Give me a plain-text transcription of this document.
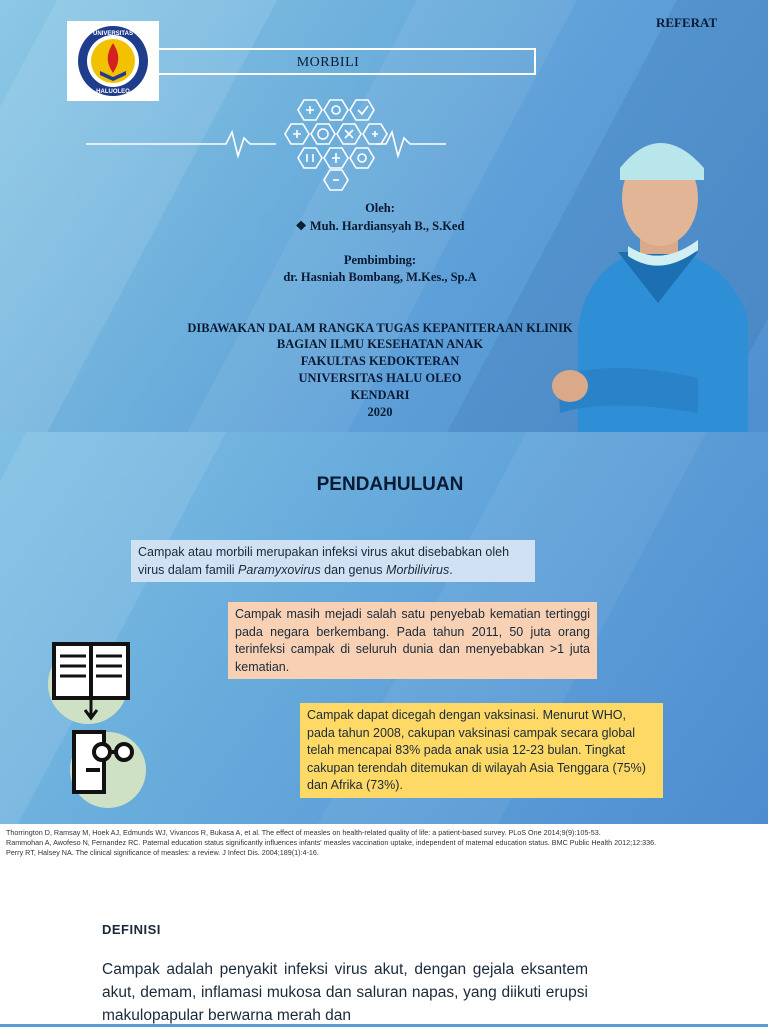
UNIVERSITAS
HALUOLEO
MORBILI
REFERAT
Oleh:
❖ Muh. Hardiansyah B., S.Ked
Pembimbing:
dr. Hasniah Bombang, M.Kes., Sp.A
DIBAWAKAN DALAM RANGKA TUGAS KEPANITERAAN KLINIK
BAGIAN ILMU KESEHATAN ANAK
FAKULTAS KEDOKTERAN
UNIVERSITAS HALU OLEO
KENDARI
2020
PENDAHULUAN
Campak atau morbili merupakan infeksi virus akut disebabkan oleh virus dalam famili Paramyxovirus dan genus Morbilivirus.
Campak masih mejadi salah satu penyebab kematian tertinggi pada negara berkembang. Pada tahun 2011, 50 juta orang terinfeksi campak di seluruh dunia dan menyebabkan >1 juta kematian.
Campak dapat dicegah dengan vaksinasi. Menurut WHO, pada tahun 2008, cakupan vaksinasi campak secara global telah mencapai 83% pada anak usia 12-23 bulan. Tingkat cakupan terendah ditemukan di wilayah Asia Tenggara (75%) dan Afrika (73%).

Thorrington D, Ramsay M, Hoek AJ, Edmunds WJ, Vivancos R, Bukasa A, et al. The effect of measles on health-related quality of life: a patient-based survey. PLoS One 2014;9(9):105-53.

Rammohan A, Awofeso N, Fernandez RC. Paternal education status significantly influences infants' measles vaccination uptake, independent of maternal education status. BMC Public Health 2012;12:336.

Perry RT, Halsey NA. The clinical significance of measles: a review. J Infect Dis. 2004;189(1):4-16.

DEFINISI
Campak adalah penyakit infeksi virus akut, dengan gejala eksantem akut, demam, inflamasi mukosa dan saluran napas, yang diikuti erupsi makulopapular berwarna merah dan
